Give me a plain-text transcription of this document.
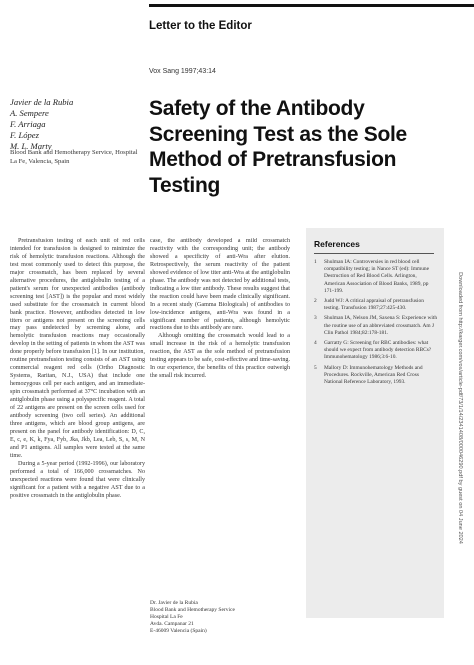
Letter to the Editor
Vox Sang 1997;43:14
Javier de la Rubia
A. Sempere
F. Arriaga
F. López
M. L. Marty
Blood Bank and Hemotherapy Service, Hospital La Fe, Valencia, Spain
Safety of the Antibody Screening Test as the Sole Method of Pretransfusion Testing

Pretransfusion testing of each unit of red cells intended for transfusion is designed to minimize the risk of hemolytic transfusion reactions. Although the test most commonly used to detect this purpose, the major crossmatch, has been replaced by several alternative procedures, the antiglobulin testing of a patient's serum for unexpected antibodies (antibody screening test [AST]) is the popular and most widely used substitute for the crossmatch in current blood bank practice. However, antibodies detected in low titers or antigens not present on the screening cells may pass undetected by screening alone, and hemolytic transfusion reactions may occasionally develop in the setting of patients in whom the AST was done properly before transfusion [1]. In our institution, routine pretransfusion testing consists of an AST using commercial reagent red cells (Ortho Diagnostic Systems, Raritan, N.J., USA) that include one hemozygous cell per each antigen, and an immediate-spin crossmatch performed at 37°C incubation with an antiglobulin phase using a polyspecific reagent. A total of 22 antigens are present on the screen cells used for antibody screening (two cell series). An additional three antigens, which are blood group antigens, are present on the panel for antibody identification: D, C, E, c, e, K, k, Fya, Fyb, Jka, Jkb, Lea, Leb, S, s, M, N and P1 antigens. All samples were tested at the same time.

During a 5-year period (1992-1996), our laboratory performed a total of 166,000 crossmatches. No unexpected reactions were found that were clinically significant for a patient with a negative AST due to a positive crossmatch in the antiglobulin phase.

case, the antibody developed a mild crossmatch reactivity with the corresponding unit; the antibody showed a specificity of anti-Wra after elution. Retrospectively, the serum reactivity of the patient showed evidence of low titer anti-Wra at the antiglobulin phase. The antibody was not detected by additional tests, indicating a low titer antibody. These results suggest that the reaction could have been made clinically significant. In a recent study (Gamma Biologicals) of antibodies to low-incidence antigens, anti-Wra was found in a significant number of patients, although hemolytic reactions due to this antibody are rare.

Although omitting the crossmatch would lead to a small increase in the risk of a hemolytic transfusion reaction, the AST as the sole method of pretransfusion testing appears to be safe, cost-effective and time-saving. In our experience, the benefits of this practice outweigh the small risk incurred.

References
1 Shulman IA: Controversies in red blood cell compatibility testing; in Nance ST (ed): Immune Destruction of Red Blood Cells. Arlington, American Association of Blood Banks, 1989, pp 171-199.
2 Judd WJ: A critical appraisal of pretransfusion testing. Transfusion 1987;27:425-430.
3 Shulman IA, Nelson JM, Saxena S: Experience with the routine use of an abbreviated crossmatch. Am J Clin Pathol 1984;82:178-181.
4 Garratty G: Screening for RBC antibodies: what should we expect from antibody detection RBCs? Immunohematology 1986;3:6-10.
5 Mallory D: Immunohematology Methods and Procedures. Rockville, American Red Cross National Reference Laboratory, 1993.
Dr. Javier de la Rubia
Blood Bank and Hemotherapy Service
Hospital La Fe
Avda. Campanar 21
E-46009 Valencia (Spain)
Downloaded from http://karger.com/vox/article-pdf/73/1/14/2341408/000046290.pdf by guest on 04 June 2024
